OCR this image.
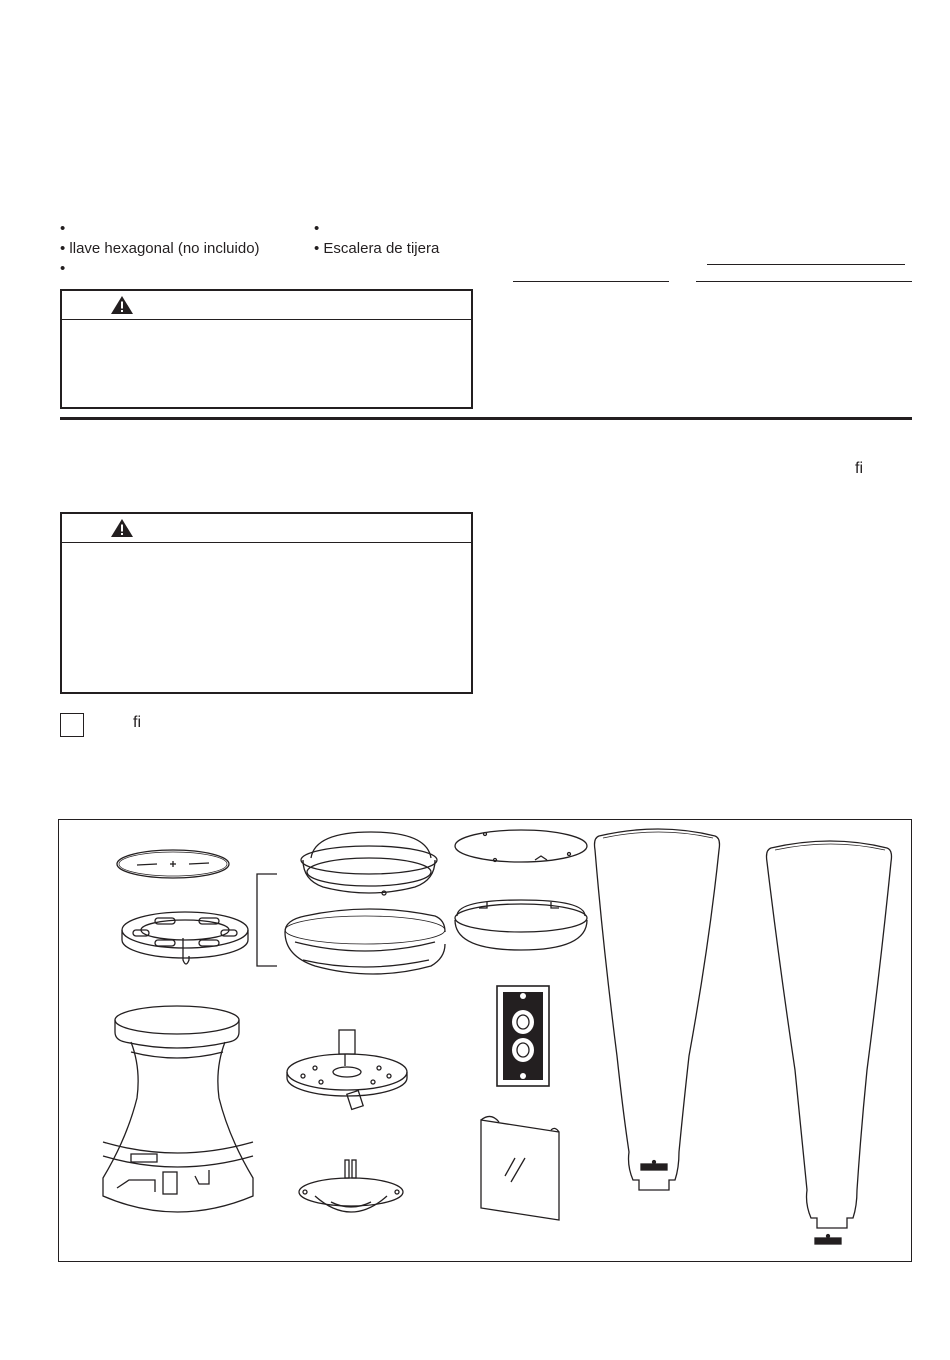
•
• llave hexagonal (no incluido)
•
•
• Escalera de tijera
fi
fi
